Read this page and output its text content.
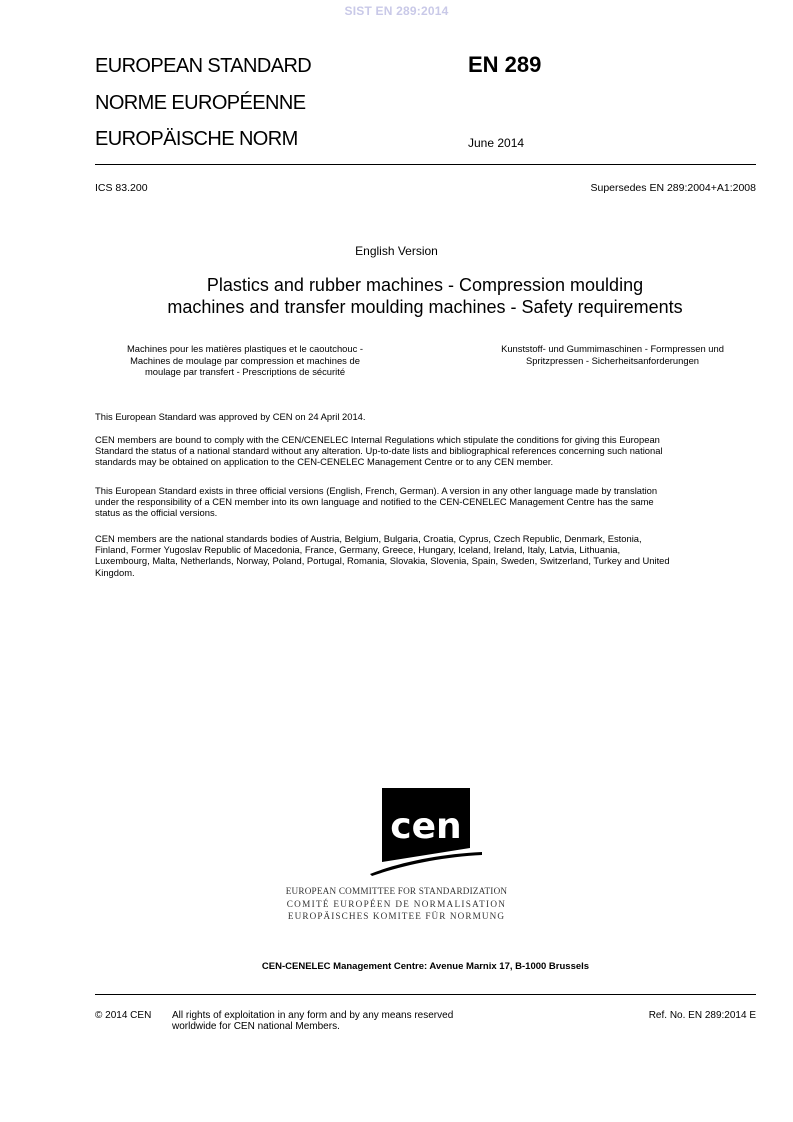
SIST EN 289:2014
EUROPEAN STANDARD
NORME EUROPÉENNE
EUROPÄISCHE NORM
EN 289
June 2014
ICS 83.200	Supersedes EN 289:2004+A1:2008
English Version
Plastics and rubber machines - Compression moulding
machines and transfer moulding machines - Safety requirements
Machines pour les matières plastiques et le caoutchouc -
Machines de moulage par compression et machines de
moulage par transfert - Prescriptions de sécurité
Kunststoff- und Gummimaschinen - Formpressen und
Spritzpressen - Sicherheitsanforderungen
This European Standard was approved by CEN on 24 April 2014.
CEN members are bound to comply with the CEN/CENELEC Internal Regulations which stipulate the conditions for giving this European
Standard the status of a national standard without any alteration. Up-to-date lists and bibliographical references concerning such national
standards may be obtained on application to the CEN-CENELEC Management Centre or to any CEN member.
This European Standard exists in three official versions (English, French, German). A version in any other language made by translation
under the responsibility of a CEN member into its own language and notified to the CEN-CENELEC Management Centre has the same
status as the official versions.
CEN members are the national standards bodies of Austria, Belgium, Bulgaria, Croatia, Cyprus, Czech Republic, Denmark, Estonia,
Finland, Former Yugoslav Republic of Macedonia, France, Germany, Greece, Hungary, Iceland, Ireland, Italy, Latvia, Lithuania,
Luxembourg, Malta, Netherlands, Norway, Poland, Portugal, Romania, Slovakia, Slovenia, Spain, Sweden, Switzerland, Turkey and United
Kingdom.
cen
EUROPEAN COMMITTEE FOR STANDARDIZATION
COMITÉ EUROPÉEN DE NORMALISATION
EUROPÄISCHES KOMITEE FÜR NORMUNG
CEN-CENELEC Management Centre: Avenue Marnix 17, B-1000 Brussels
© 2014 CEN All rights of exploitation in any form and by any means reserved
worldwide for CEN national Members.
Ref. No. EN 289:2014 E
